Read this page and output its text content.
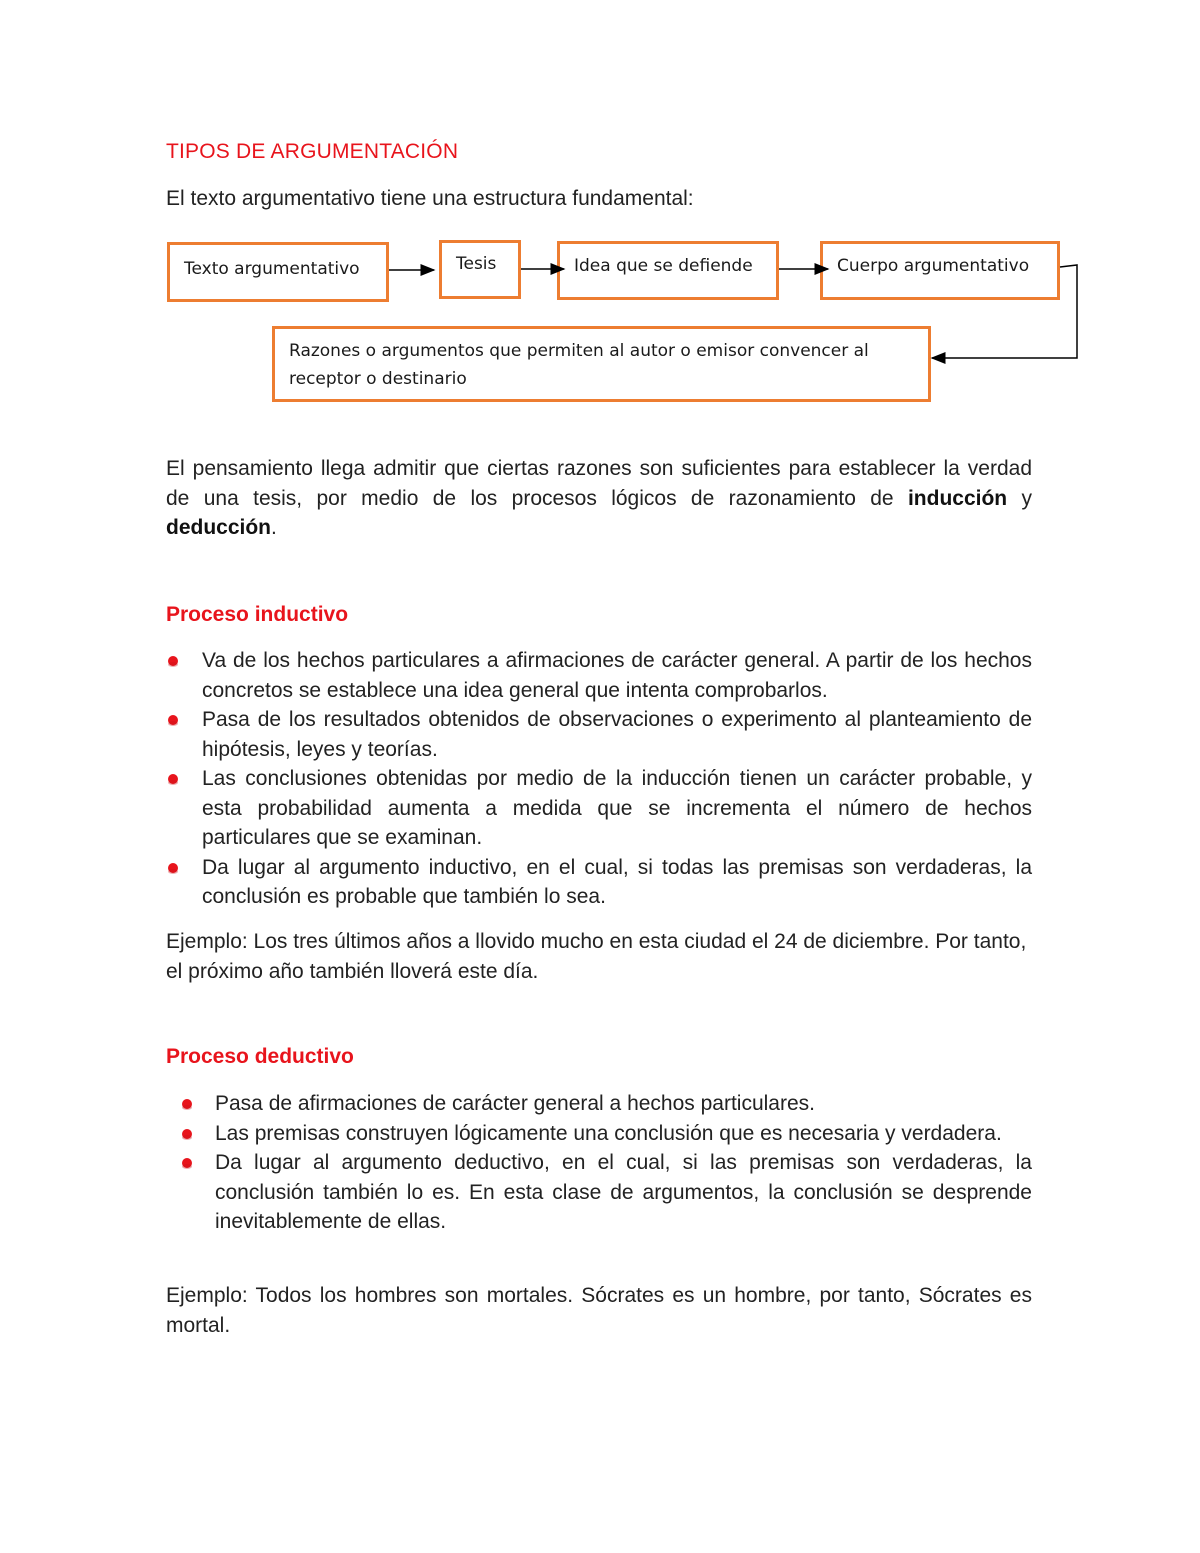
TIPOS DE ARGUMENTACIÓN
El texto argumentativo tiene una estructura fundamental:
Texto argumentativo	Tesis	Idea que se defiende	Cuerpo argumentativo
Razones o argumentos que permiten al autor o emisor convencer al
receptor o destinario
El pensamiento llega admitir que ciertas razones son suficientes para establecer la verdad de una tesis, por medio de los procesos lógicos de razonamiento de inducción y deducción.
Proceso inductivo
Va de los hechos particulares a afirmaciones de carácter general. A partir de los hechos concretos se establece una idea general que intenta comprobarlos.
Pasa de los resultados obtenidos de observaciones o experimento al planteamiento de hipótesis, leyes y teorías.
Las conclusiones obtenidas por medio de la inducción tienen un carácter probable, y esta probabilidad aumenta a medida que se incrementa el número de hechos particulares que se examinan.
Da lugar al argumento inductivo, en el cual, si todas las premisas son verdaderas, la conclusión es probable que también lo sea.
Ejemplo: Los tres últimos años a llovido mucho en esta ciudad el 24 de diciembre. Por tanto, el próximo año también lloverá este día.
Proceso deductivo
Pasa de afirmaciones de carácter general a hechos particulares.
Las premisas construyen lógicamente una conclusión que es necesaria y verdadera.
Da lugar al argumento deductivo, en el cual, si las premisas son verdaderas, la conclusión también lo es. En esta clase de argumentos, la conclusión se desprende inevitablemente de ellas.
Ejemplo: Todos los hombres son mortales. Sócrates es un hombre, por tanto, Sócrates es mortal.
